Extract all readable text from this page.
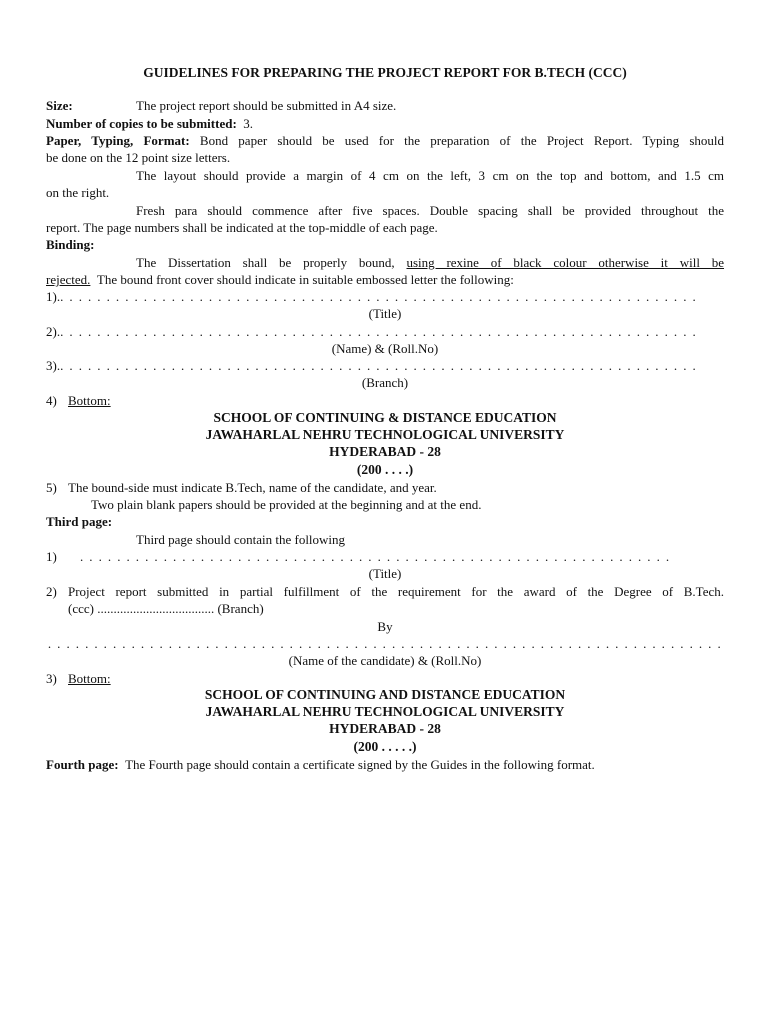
GUIDELINES FOR PREPARING THE PROJECT REPORT FOR B.TECH (CCC)
Size:	The project report should be submitted in A4 size.
Number of copies to be submitted: 3.
Paper, Typing, Format: Bond paper should be used for the preparation of the Project Report. Typing should
be done on the 12 point size letters.
The layout should provide a margin of 4 cm on the left, 3 cm on the top and bottom, and 1.5 cm
on the right.
Fresh para should commence after five spaces. Double spacing shall be provided throughout the
report. The page numbers shall be indicated at the top-middle of each page.
Binding:
The Dissertation shall be properly bound, using rexine of black colour otherwise it will be
rejected. The bound front cover should indicate in suitable embossed letter the following:
1).. . . . . . . . . . . . . . . . . . . . . . . . . . . . . . . . . . . . . . . . . . . . . . . . . . . . . . . . . . . . . . . . . . . . .
(Title)
2).. . . . . . . . . . . . . . . . . . . . . . . . . . . . . . . . . . . . . . . . . . . . . . . . . . . . . . . . . . . . . . . . . . . . .
(Name) & (Roll.No)
3).. . . . . . . . . . . . . . . . . . . . . . . . . . . . . . . . . . . . . . . . . . . . . . . . . . . . . . . . . . . . . . . . . . . . .
(Branch)
4) Bottom:
SCHOOL OF CONTINUING & DISTANCE EDUCATION
JAWAHARLAL NEHRU TECHNOLOGICAL UNIVERSITY
HYDERABAD - 28
(200 . . . .)
5) The bound-side must indicate B.Tech, name of the candidate, and year.
Two plain blank papers should be provided at the beginning and at the end.
Third page:
Third page should contain the following
1) . . . . . . . . . . . . . . . . . . . . . . . . . . . . . . . . . . . . . . . . . . . . . . . . . . . . . . . . . . . . . . . .
(Title)
2) Project report submitted in partial fulfillment of the requirement for the award of the Degree of B.Tech.
(ccc) .................................... (Branch)
By
. . . . . . . . . . . . . . . . . . . . . . . . . . . . . . . . . . . . . . . . . . . . . . . . . . . . . . . . . . . . . . . . . . . . . . . . .
(Name of the candidate) & (Roll.No)
3) Bottom:
SCHOOL OF CONTINUING AND DISTANCE EDUCATION
JAWAHARLAL NEHRU TECHNOLOGICAL UNIVERSITY
HYDERABAD - 28
(200 . . . . .)
Fourth page: The Fourth page should contain a certificate signed by the Guides in the following format.
